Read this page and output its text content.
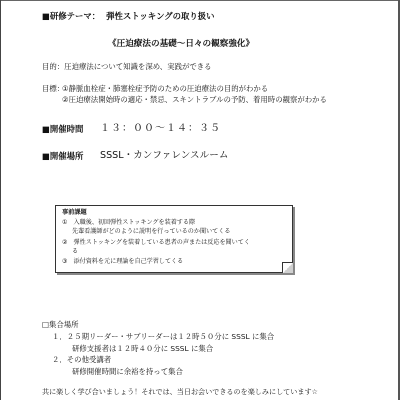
■研修テーマ： 弾性ストッキングの取り扱い
《圧迫療法の基礎～日々の観察強化》
目的：圧迫療法について知識を深め、実践ができる
目標：
①静脈血栓症・肺塞栓症予防のための圧迫療法の目的がわかる
②圧迫療法開始時の適応・禁忌、スキントラブルの予防、着用時の観察がわかる
■開催時間 １３：００～１４：３５
■開催場所 SSSL・カンファレンスルーム
事前課題
①　入職後、初回弾性ストッキングを装着する際
先輩看護師がどのように説明を行っているのか聞いてくる
②　弾性ストッキングを装着している患者の声または反応を聞いてく
る
③　添付資料を元に理論を自己学習してくる
□集合場所
１．２５期リーダー・サブリーダーは１２時５０分に SSSL に集合
研修支援者は１２時４０分に SSSL に集合
２．その他受講者
研修開催時間に余裕を持って集合
共に楽しく学び合いましょう！それでは、当日お会いできるのを楽しみにしています☆
